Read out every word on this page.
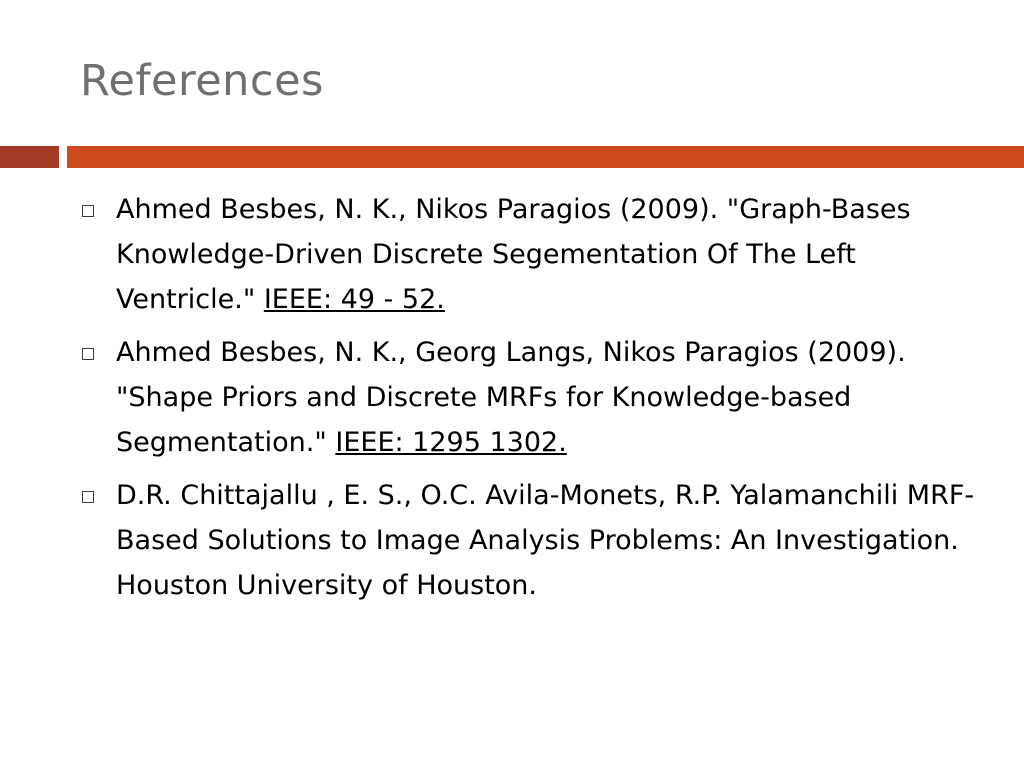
References
Ahmed Besbes, N. K., Nikos Paragios (2009). "Graph-Bases Knowledge-Driven Discrete Segementation Of The Left Ventricle." IEEE: 49 - 52.
Ahmed Besbes, N. K., Georg Langs, Nikos Paragios (2009). "Shape Priors and Discrete MRFs for Knowledge-based Segmentation." IEEE: 1295 1302.
D.R. Chittajallu , E. S., O.C. Avila-Monets, R.P. Yalamanchili MRF-Based Solutions to Image Analysis Problems: An Investigation. Houston University of Houston.
